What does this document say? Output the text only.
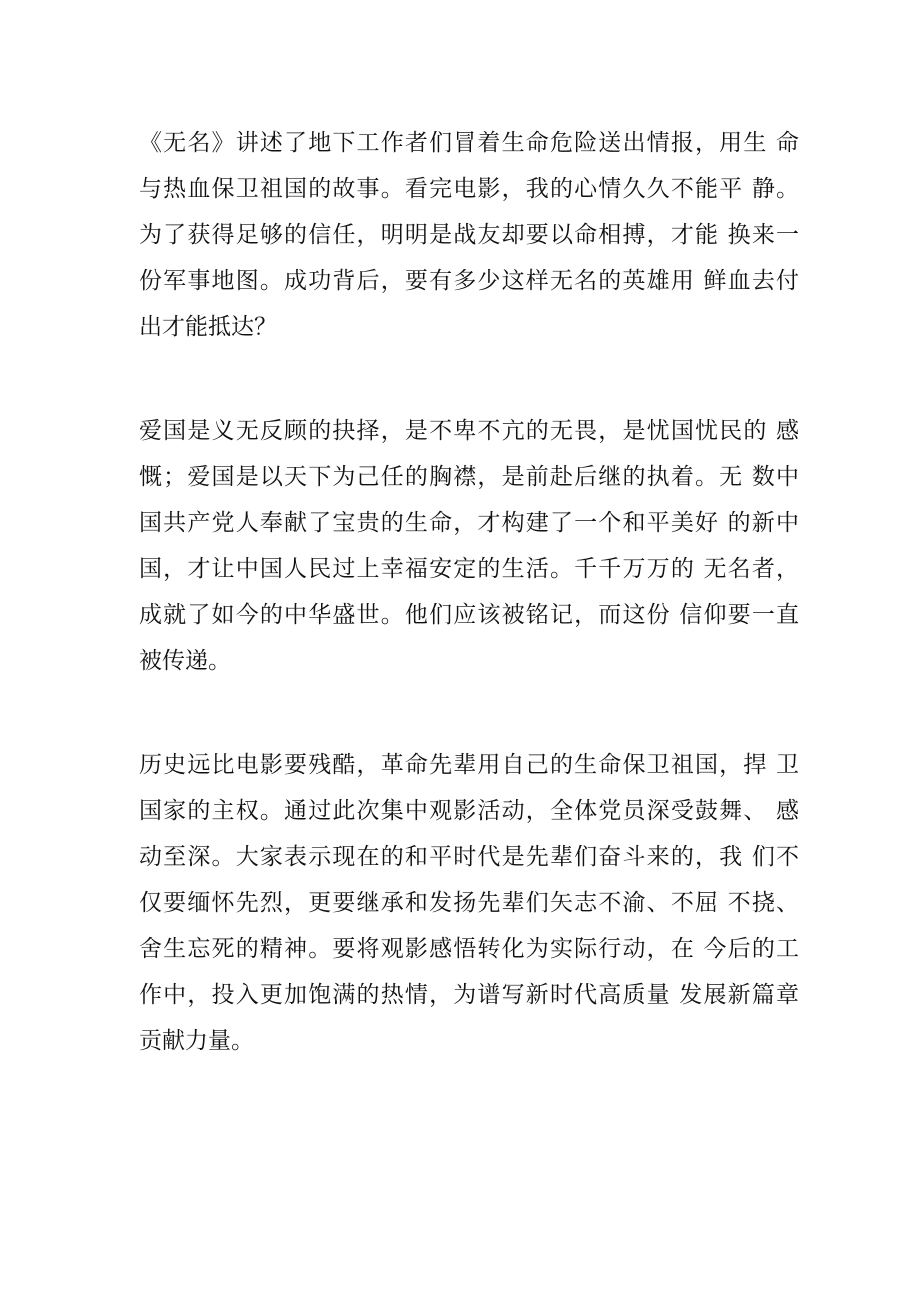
《无名》讲述了地下工作者们冒着生命危险送出情报，用生 命
与热血保卫祖国的故事。看完电影，我的心情久久不能平 静。
为了获得足够的信任，明明是战友却要以命相搏，才能 换来一
份军事地图。成功背后，要有多少这样无名的英雄用 鲜血去付
出才能抵达？
爱国是义无反顾的抉择，是不卑不亢的无畏，是忧国忧民的 感
慨；爱国是以天下为己任的胸襟，是前赴后继的执着。无 数中
国共产党人奉献了宝贵的生命，才构建了一个和平美好 的新中
国，才让中国人民过上幸福安定的生活。千千万万的 无名者，
成就了如今的中华盛世。他们应该被铭记，而这份 信仰要一直
被传递。
历史远比电影要残酷，革命先辈用自己的生命保卫祖国，捍 卫
国家的主权。通过此次集中观影活动，全体党员深受鼓舞、 感
动至深。大家表示现在的和平时代是先辈们奋斗来的，我 们不
仅要缅怀先烈，更要继承和发扬先辈们矢志不渝、不屈 不挠、
舍生忘死的精神。要将观影感悟转化为实际行动，在 今后的工
作中，投入更加饱满的热情，为谱写新时代高质量 发展新篇章
贡献力量。
